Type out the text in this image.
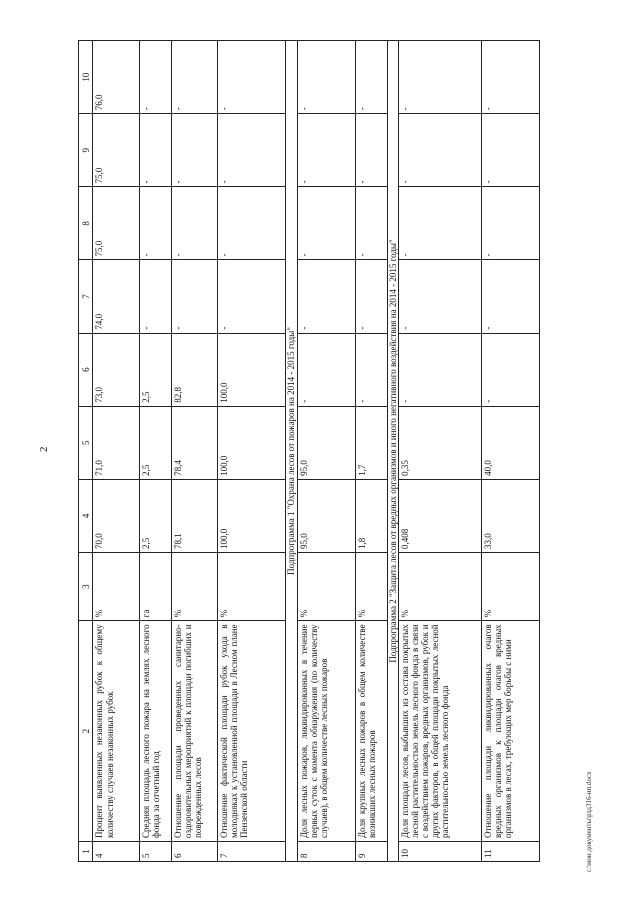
2
1	2	3	4	5	6	7	8	9	10
4	Процент выявленных незаконных рубок к общему количеству случаев незаконных рубок	%	70,0	71,0	73,0	74,0	75,0	75,0	76,0
5	Средняя площадь лесного пожара на землях лесного фонда за отчетный год	га	2,5	2,5	2,5	-	-	-	-
6	Отношение площади проведенных санитарно-оздоровительных мероприятий к площади погибших и поврежденных лесов	%	78,1	78,4	82,8	-	-	-	-
7	Отношение фактической площади рубок ухода в молодняках к установленной площади в Лесном плане Пензенской области	%	100,0	100,0	100,0	-	-	-	-
Подпрограмма 1 "Охрана лесов от пожаров на 2014 - 2015 годы"									
8	Доля лесных пожаров, ликвидированных в течение первых суток с момента обнаружения (по количеству случаев), в общем количестве лесных пожаров	%	95,0	95,0	-	-	-	-	-
9	Доля крупных лесных пожаров в общем количестве возникших лесных пожаров	%	1,8	1,7	-	-	-	-	-
Подпрограмма 2 "Защита лесов от вредных организмов и иного негативного воздействия на 2014 - 2015 годы"									
10	Доля площади лесов, выбывших из состава покрытых лесной растительностью земель лесного фонда в связи с воздействием пожаров, вредных организмов, рубок и других факторов, в общей площади покрытых лесной растительностью земель лесного фонда	%	0,408	0,35	-	-	-	-	-
11	Отношение площади ликвидированных очагов вредных организмов к площади очагов вредных организмов в лесах, требующих мер борьбы с ними	%	33,0	40,0	-	-	-	-	-
c:\мои документы\рзд316-ип.docx
